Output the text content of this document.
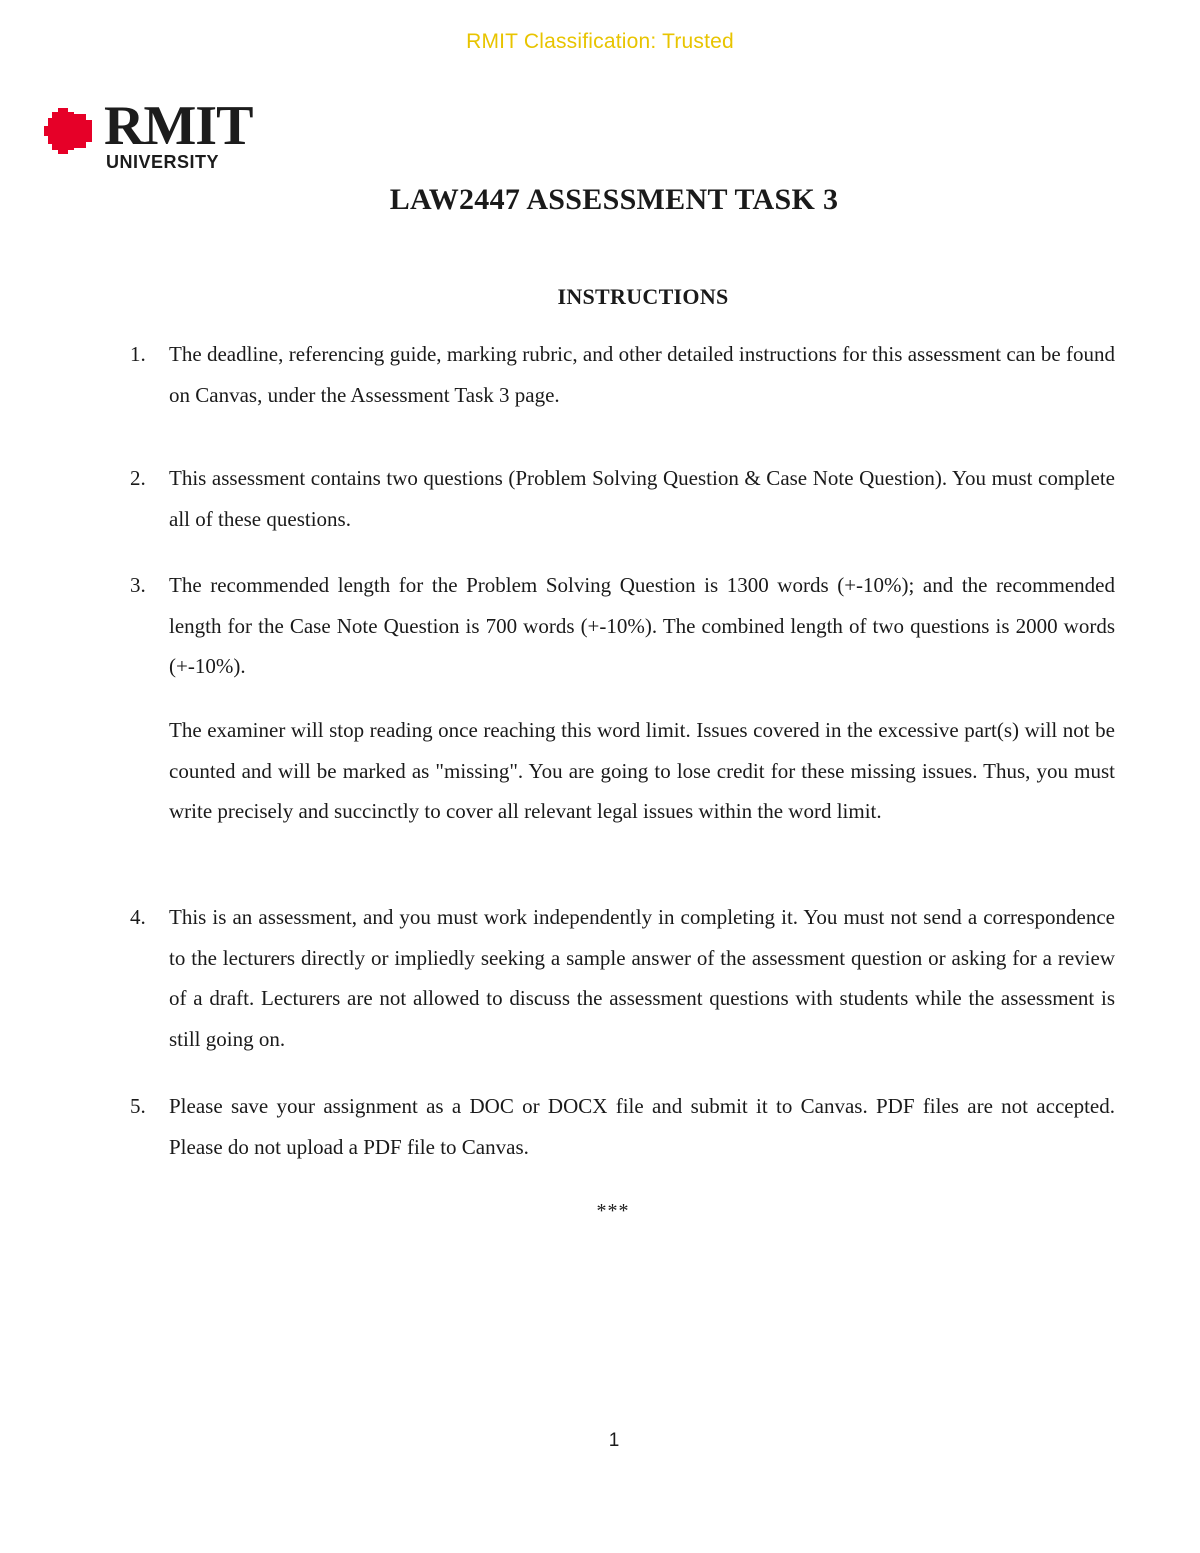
RMIT Classification: Trusted
RMIT
UNIVERSITY
LAW2447 ASSESSMENT TASK 3
INSTRUCTIONS
1. The deadline, referencing guide, marking rubric, and other detailed instructions for this assessment can be found on Canvas, under the Assessment Task 3 page.
2. This assessment contains two questions (Problem Solving Question & Case Note Question). You must complete all of these questions.
3. The recommended length for the Problem Solving Question is 1300 words (+-10%); and the recommended length for the Case Note Question is 700 words (+-10%). The combined length of two questions is 2000 words (+-10%).
The examiner will stop reading once reaching this word limit. Issues covered in the excessive part(s) will not be counted and will be marked as "missing". You are going to lose credit for these missing issues. Thus, you must write precisely and succinctly to cover all relevant legal issues within the word limit.
4. This is an assessment, and you must work independently in completing it. You must not send a correspondence to the lecturers directly or impliedly seeking a sample answer of the assessment question or asking for a review of a draft. Lecturers are not allowed to discuss the assessment questions with students while the assessment is still going on.
5. Please save your assignment as a DOC or DOCX file and submit it to Canvas. PDF files are not accepted. Please do not upload a PDF file to Canvas.
***
1
